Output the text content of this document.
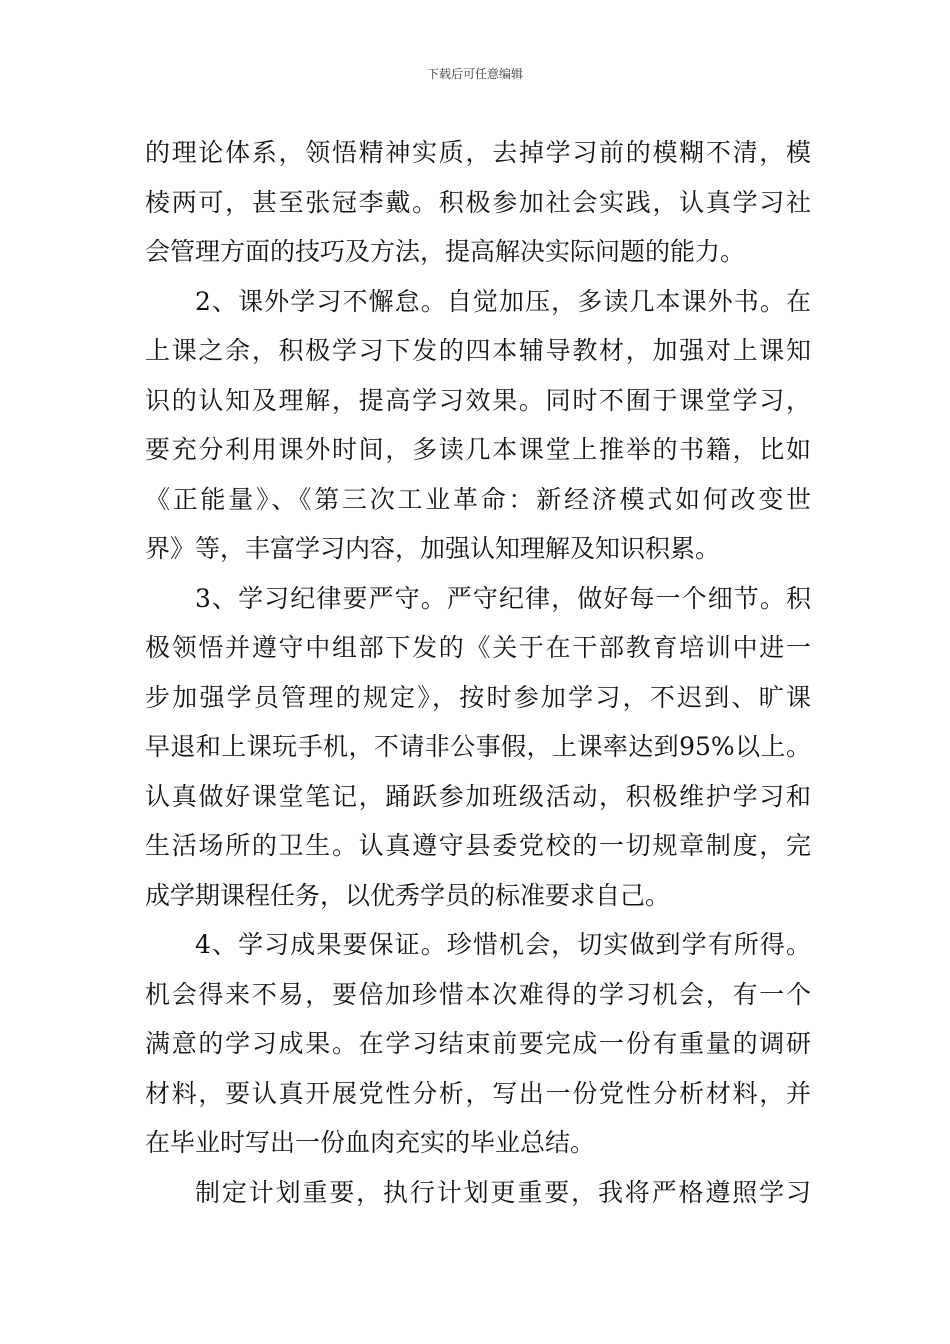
下载后可任意编辑
的理论体系，领悟精神实质，去掉学习前的模糊不清，模
棱两可，甚至张冠李戴。积极参加社会实践，认真学习社
会管理方面的技巧及方法，提高解决实际问题的能力。
2、课外学习不懈怠。自觉加压，多读几本课外书。在
上课之余，积极学习下发的四本辅导教材，加强对上课知
识的认知及理解，提高学习效果。同时不囿于课堂学习，
要充分利用课外时间，多读几本课堂上推举的书籍，比如
《正能量》、《第三次工业革命：新经济模式如何改变世
界》等，丰富学习内容，加强认知理解及知识积累。
3、学习纪律要严守。严守纪律，做好每一个细节。积
极领悟并遵守中组部下发的《关于在干部教育培训中进一
步加强学员管理的规定》，按时参加学习，不迟到、旷课
早退和上课玩手机，不请非公事假，上课率达到95%以上。
认真做好课堂笔记，踊跃参加班级活动，积极维护学习和
生活场所的卫生。认真遵守县委党校的一切规章制度，完
成学期课程任务，以优秀学员的标准要求自己。
4、学习成果要保证。珍惜机会，切实做到学有所得。
机会得来不易，要倍加珍惜本次难得的学习机会，有一个
满意的学习成果。在学习结束前要完成一份有重量的调研
材料，要认真开展党性分析，写出一份党性分析材料，并
在毕业时写出一份血肉充实的毕业总结。
制定计划重要，执行计划更重要，我将严格遵照学习
